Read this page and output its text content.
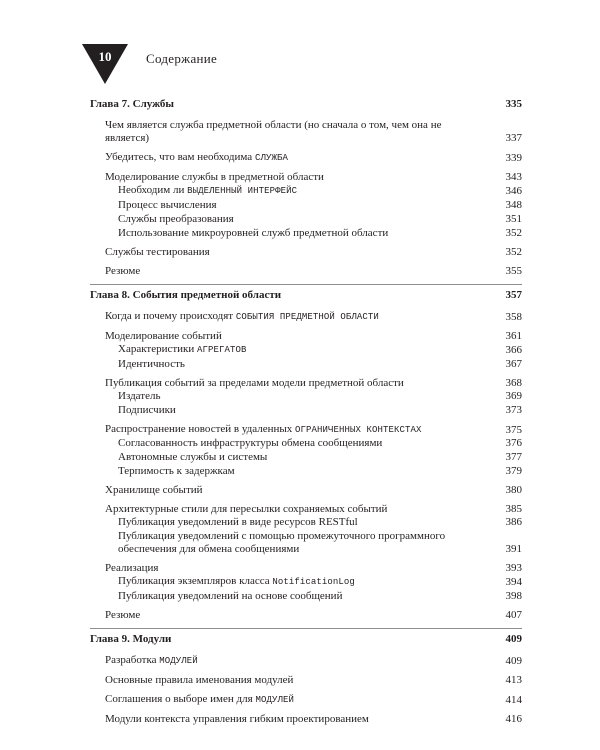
10	Содержание
Глава 7. Службы	335
Чем является служба предметной области (но сначала о том, чем она не является)	337
Убедитесь, что вам необходима СЛУЖБА	339
Моделирование службы в предметной области	343
Необходим ли ВЫДЕЛЕННЫЙ ИНТЕРФЕЙС	346
Процесс вычисления	348
Службы преобразования	351
Использование микроуровней служб предметной области	352
Службы тестирования	352
Резюме	355
Глава 8. События предметной области	357
Когда и почему происходят СОБЫТИЯ ПРЕДМЕТНОЙ ОБЛАСТИ	358
Моделирование событий	361
Характеристики АГРЕГАТОВ	366
Идентичность	367
Публикация событий за пределами модели предметной области	368
Издатель	369
Подписчики	373
Распространение новостей в удаленных ОГРАНИЧЕННЫХ КОНТЕКСТАХ	375
Согласованность инфраструктуры обмена сообщениями	376
Автономные службы и системы	377
Терпимость к задержкам	379
Хранилище событий	380
Архитектурные стили для пересылки сохраняемых событий	385
Публикация уведомлений в виде ресурсов RESTful	386
Публикация уведомлений с помощью промежуточного программного обеспечения для обмена сообщениями	391
Реализация	393
Публикация экземпляров класса NotificationLog	394
Публикация уведомлений на основе сообщений	398
Резюме	407
Глава 9. Модули	409
Разработка МОДУЛЕЙ	409
Основные правила именования модулей	413
Соглашения о выборе имен для МОДУЛЕЙ	414
Модули контекста управления гибким проектированием	416
